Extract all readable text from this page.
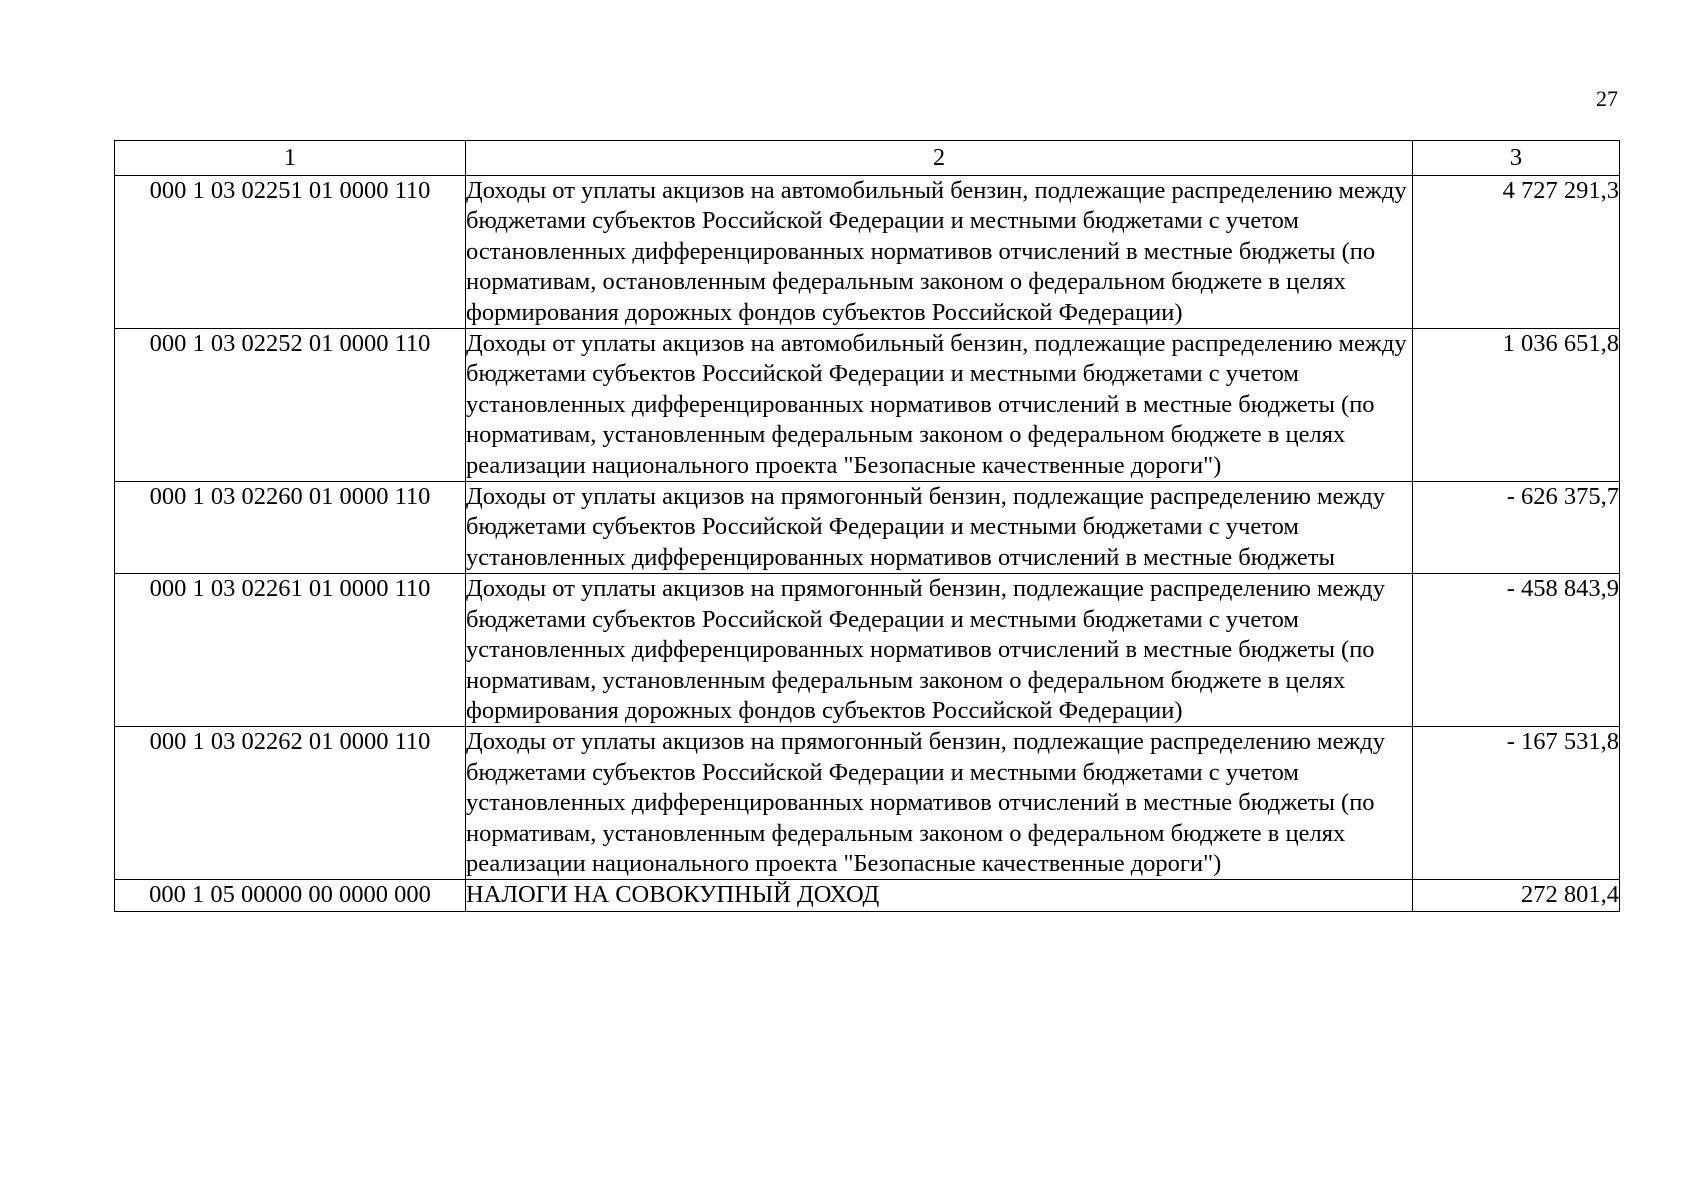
27
1	2	3
000 1 03 02251 01 0000 110	Доходы от уплаты акцизов на автомобильный бензин, подлежащие распределению между бюджетами субъектов Российской Федерации и местными бюджетами с учетом остановленных дифференцированных нормативов отчислений в местные бюджеты (по нормативам, остановленным федеральным законом о федеральном бюджете в целях формирования дорожных фондов субъектов Российской Федерации)	4 727 291,3
000 1 03 02252 01 0000 110	Доходы от уплаты акцизов на автомобильный бензин, подлежащие распределению между бюджетами субъектов Российской Федерации и местными бюджетами с учетом установленных дифференцированных нормативов отчислений в местные бюджеты (по нормативам, установленным федеральным законом о федеральном бюджете в целях реализации национального проекта "Безопасные качественные дороги")	1 036 651,8
000 1 03 02260 01 0000 110	Доходы от уплаты акцизов на прямогонный бензин, подлежащие распределению между бюджетами субъектов Российской Федерации и местными бюджетами с учетом установленных дифференцированных нормативов отчислений в местные бюджеты	- 626 375,7
000 1 03 02261 01 0000 110	Доходы от уплаты акцизов на прямогонный бензин, подлежащие распределению между бюджетами субъектов Российской Федерации и местными бюджетами с учетом установленных дифференцированных нормативов отчислений в местные бюджеты (по нормативам, установленным федеральным законом о федеральном бюджете в целях формирования дорожных фондов субъектов Российской Федерации)	- 458 843,9
000 1 03 02262 01 0000 110	Доходы от уплаты акцизов на прямогонный бензин, подлежащие распределению между бюджетами субъектов Российской Федерации и местными бюджетами с учетом установленных дифференцированных нормативов отчислений в местные бюджеты (по нормативам, установленным федеральным законом о федеральном бюджете в целях реализации национального проекта "Безопасные качественные дороги")	- 167 531,8
000 1 05 00000 00 0000 000	НАЛОГИ НА СОВОКУПНЫЙ ДОХОД	272 801,4
